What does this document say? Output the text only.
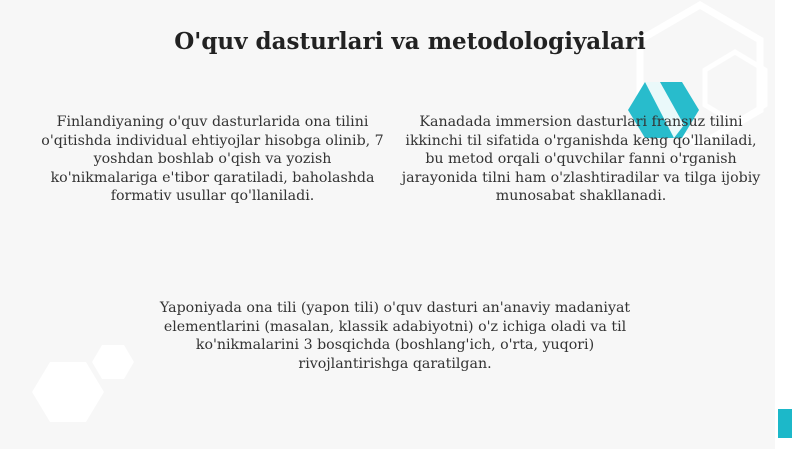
O'quv dasturlari va metodologiyalari
Finlandiyaning o'quv dasturlarida ona tilini o'qitishda individual ehtiyojlar hisobga olinib, 7 yoshdan boshlab o'qish va yozish ko'nikmalariga e'tibor qaratiladi, baholashda formativ usullar qo'llaniladi.
Kanadada immersion dasturlari fransuz tilini ikkinchi til sifatida o'rganishda keng qo'llaniladi, bu metod orqali o'quvchilar fanni o'rganish jarayonida tilni ham o'zlashtiradilar va tilga ijobiy munosabat shakllanadi.
Yaponiyada ona tili (yapon tili) o'quv dasturi an'anaviy madaniyat elementlarini (masalan, klassik adabiyotni) o'z ichiga oladi va til ko'nikmalarini 3 bosqichda (boshlang'ich, o'rta, yuqori) rivojlantirishga qaratilgan.
